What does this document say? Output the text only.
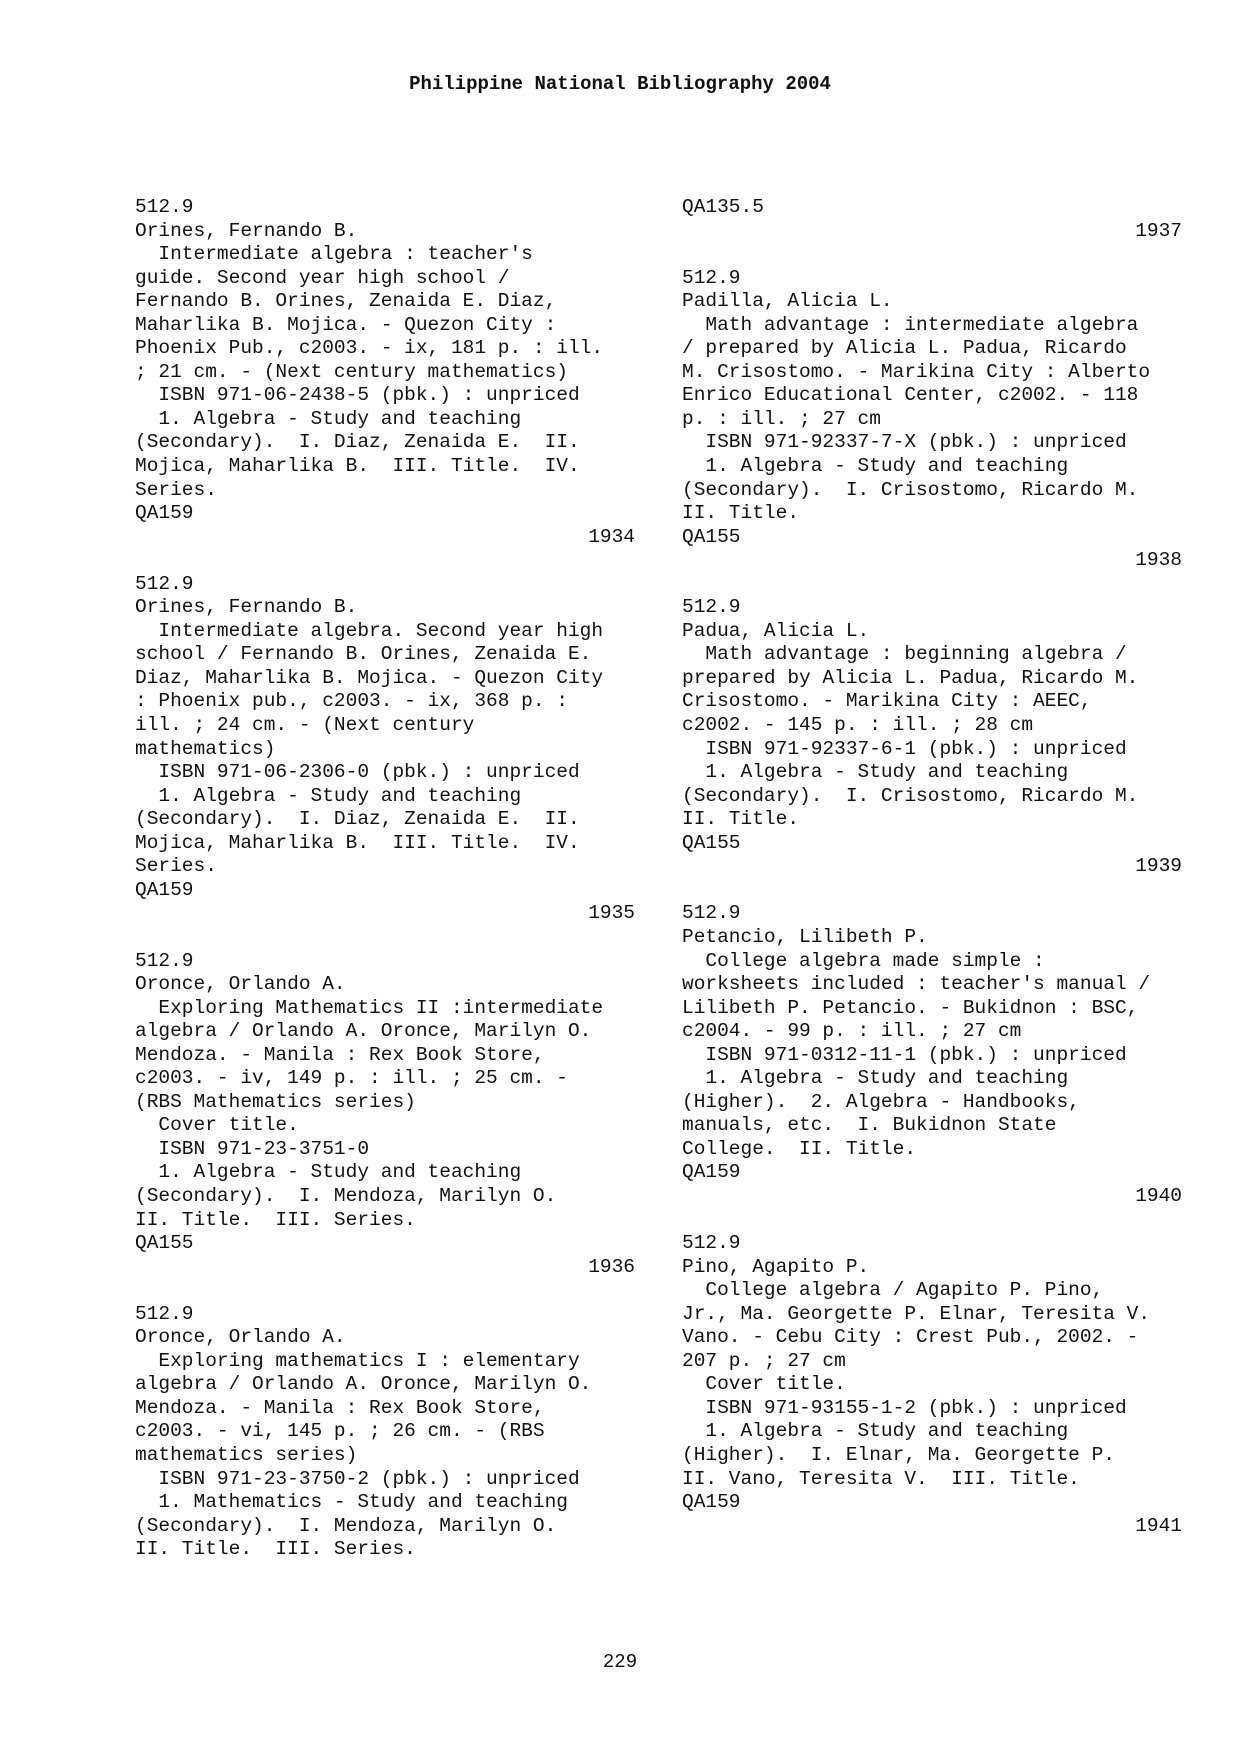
Philippine National Bibliography 2004
512.9
Orines, Fernando B.
Intermediate algebra : teacher's
guide. Second year high school /
Fernando B. Orines, Zenaida E. Diaz,
Maharlika B. Mojica. - Quezon City :
Phoenix Pub., c2003. - ix, 181 p. : ill.
; 21 cm. - (Next century mathematics)
ISBN 971-06-2438-5 (pbk.) : unpriced
1. Algebra - Study and teaching
(Secondary).  I. Diaz, Zenaida E.  II.
Mojica, Maharlika B.  III. Title.  IV.
Series.
QA159
1934
512.9
Orines, Fernando B.
Intermediate algebra. Second year high
school / Fernando B. Orines, Zenaida E.
Diaz, Maharlika B. Mojica. - Quezon City
: Phoenix pub., c2003. - ix, 368 p. :
ill. ; 24 cm. - (Next century
mathematics)
ISBN 971-06-2306-0 (pbk.) : unpriced
1. Algebra - Study and teaching
(Secondary).  I. Diaz, Zenaida E.  II.
Mojica, Maharlika B.  III. Title.  IV.
Series.
QA159
1935
512.9
Oronce, Orlando A.
Exploring Mathematics II :intermediate
algebra / Orlando A. Oronce, Marilyn O.
Mendoza. - Manila : Rex Book Store,
c2003. - iv, 149 p. : ill. ; 25 cm. -
(RBS Mathematics series)
Cover title.
ISBN 971-23-3751-0
1. Algebra - Study and teaching
(Secondary).  I. Mendoza, Marilyn O.
II. Title.  III. Series.
QA155
1936
512.9
Oronce, Orlando A.
Exploring mathematics I : elementary
algebra / Orlando A. Oronce, Marilyn O.
Mendoza. - Manila : Rex Book Store,
c2003. - vi, 145 p. ; 26 cm. - (RBS
mathematics series)
ISBN 971-23-3750-2 (pbk.) : unpriced
1. Mathematics - Study and teaching
(Secondary).  I. Mendoza, Marilyn O.
II. Title.  III. Series.
QA135.5
1937
512.9
Padilla, Alicia L.
Math advantage : intermediate algebra
/ prepared by Alicia L. Padua, Ricardo
M. Crisostomo. - Marikina City : Alberto
Enrico Educational Center, c2002. - 118
p. : ill. ; 27 cm
ISBN 971-92337-7-X (pbk.) : unpriced
1. Algebra - Study and teaching
(Secondary).  I. Crisostomo, Ricardo M.
II. Title.
QA155
1938
512.9
Padua, Alicia L.
Math advantage : beginning algebra /
prepared by Alicia L. Padua, Ricardo M.
Crisostomo. - Marikina City : AEEC,
c2002. - 145 p. : ill. ; 28 cm
ISBN 971-92337-6-1 (pbk.) : unpriced
1. Algebra - Study and teaching
(Secondary).  I. Crisostomo, Ricardo M.
II. Title.
QA155
1939
512.9
Petancio, Lilibeth P.
College algebra made simple :
worksheets included : teacher's manual /
Lilibeth P. Petancio. - Bukidnon : BSC,
c2004. - 99 p. : ill. ; 27 cm
ISBN 971-0312-11-1 (pbk.) : unpriced
1. Algebra - Study and teaching
(Higher).  2. Algebra - Handbooks,
manuals, etc.  I. Bukidnon State
College.  II. Title.
QA159
1940
512.9
Pino, Agapito P.
College algebra / Agapito P. Pino,
Jr., Ma. Georgette P. Elnar, Teresita V.
Vano. - Cebu City : Crest Pub., 2002. -
207 p. ; 27 cm
Cover title.
ISBN 971-93155-1-2 (pbk.) : unpriced
1. Algebra - Study and teaching
(Higher).  I. Elnar, Ma. Georgette P.
II. Vano, Teresita V.  III. Title.
QA159
1941
229
